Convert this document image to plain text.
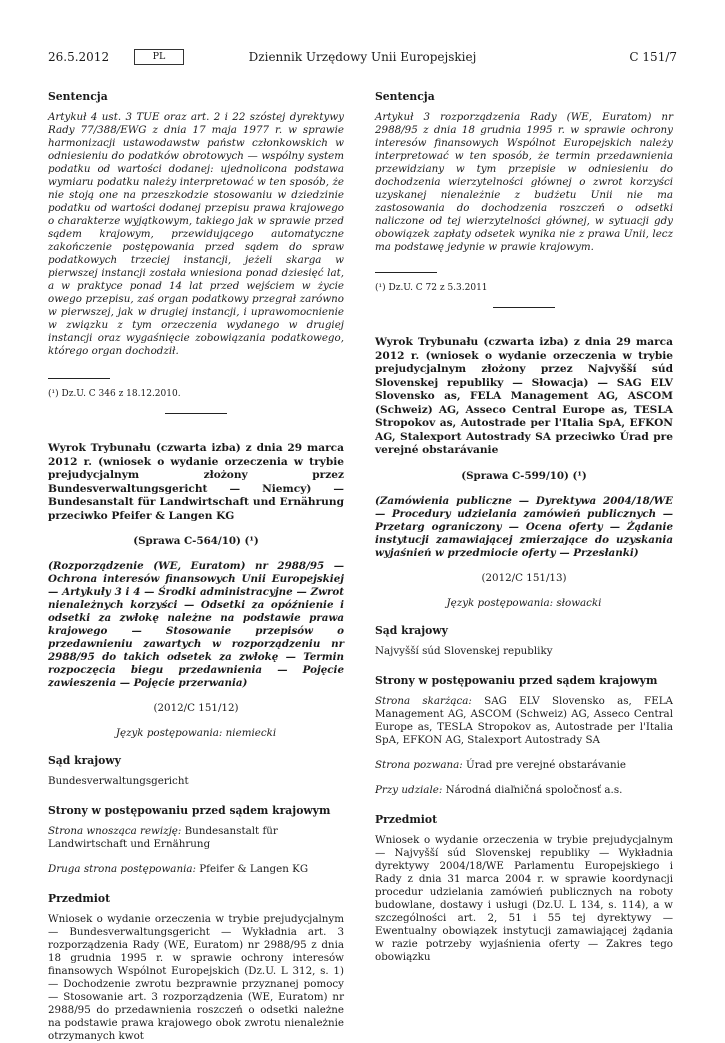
26.5.2012	PL	Dziennik Urzędowy Unii Europejskiej	C 151/7

Sentencja

Artykuł 4 ust. 3 TUE oraz art. 2 i 22 szóstej dyrektywy Rady 77/388/EWG z dnia 17 maja 1977 r. w sprawie harmonizacji ustawodawstw państw członkowskich w odniesieniu do podatków obrotowych — wspólny system podatku od wartości dodanej: ujednolicona podstawa wymiaru podatku należy interpretować w ten sposób, że nie stoją one na przeszkodzie stosowaniu w dziedzinie podatku od wartości dodanej przepisu prawa krajowego o charakterze wyjątkowym, takiego jak w sprawie przed sądem krajowym, przewidującego automatyczne zakończenie postępowania przed sądem do spraw podatkowych trzeciej instancji, jeżeli skarga w pierwszej instancji została wniesiona ponad dziesięć lat, a w praktyce ponad 14 lat przed wejściem w życie owego przepisu, zaś organ podatkowy przegrał zarówno w pierwszej, jak w drugiej instancji, i uprawomocnienie w związku z tym orzeczenia wydanego w drugiej instancji oraz wygaśnięcie zobowiązania podatkowego, którego organ dochodził.

(¹) Dz.U. C 346 z 18.12.2010.

Wyrok Trybunału (czwarta izba) z dnia 29 marca 2012 r. (wniosek o wydanie orzeczenia w trybie prejudycjalnym złożony przez Bundesverwaltungsgericht — Niemcy) — Bundesanstalt für Landwirtschaft und Ernährung przeciwko Pfeifer & Langen KG

(Sprawa C-564/10) (¹)

(Rozporządzenie (WE, Euratom) nr 2988/95 — Ochrona interesów finansowych Unii Europejskiej — Artykuły 3 i 4 — Środki administracyjne — Zwrot nienależnych korzyści — Odsetki za opóźnienie i odsetki za zwłokę należne na podstawie prawa krajowego — Stosowanie przepisów o przedawnieniu zawartych w rozporządzeniu nr 2988/95 do takich odsetek za zwłokę — Termin rozpoczęcia biegu przedawnienia — Pojęcie zawieszenia — Pojęcie przerwania)

(2012/C 151/12)

Język postępowania: niemiecki

Sąd krajowy

Bundesverwaltungsgericht

Strony w postępowaniu przed sądem krajowym

Strona wnosząca rewizję: Bundesanstalt für Landwirtschaft und Ernährung

Druga strona postępowania: Pfeifer & Langen KG

Przedmiot

Wniosek o wydanie orzeczenia w trybie prejudycjalnym — Bundesverwaltungsgericht — Wykładnia art. 3 rozporządzenia Rady (WE, Euratom) nr 2988/95 z dnia 18 grudnia 1995 r. w sprawie ochrony interesów finansowych Wspólnot Europejskich (Dz.U. L 312, s. 1) — Dochodzenie zwrotu bezprawnie przyznanej pomocy — Stosowanie art. 3 rozporządzenia (WE, Euratom) nr 2988/95 do przedawnienia roszczeń o odsetki należne na podstawie prawa krajowego obok zwrotu nienależnie otrzymanych kwot

Sentencja

Artykuł 3 rozporządzenia Rady (WE, Euratom) nr 2988/95 z dnia 18 grudnia 1995 r. w sprawie ochrony interesów finansowych Wspólnot Europejskich należy interpretować w ten sposób, że termin przedawnienia przewidziany w tym przepisie w odniesieniu do dochodzenia wierzytelności głównej o zwrot korzyści uzyskanej nienależnie z budżetu Unii nie ma zastosowania do dochodzenia roszczeń o odsetki naliczone od tej wierzytelności głównej, w sytuacji gdy obowiązek zapłaty odsetek wynika nie z prawa Unii, lecz ma podstawę jedynie w prawie krajowym.

(¹) Dz.U. C 72 z 5.3.2011

Wyrok Trybunału (czwarta izba) z dnia 29 marca 2012 r. (wniosek o wydanie orzeczenia w trybie prejudycjalnym złożony przez Najvyšší súd Slovenskej republiky — Słowacja) — SAG ELV Slovensko as, FELA Management AG, ASCOM (Schweiz) AG, Asseco Central Europe as, TESLA Stropokov as, Autostrade per l'Italia SpA, EFKON AG, Stalexport Autostrady SA przeciwko Úrad pre verejné obstarávanie

(Sprawa C-599/10) (¹)

(Zamówienia publiczne — Dyrektywa 2004/18/WE — Procedury udzielania zamówień publicznych — Przetarg ograniczony — Ocena oferty — Żądanie instytucji zamawiającej zmierzające do uzyskania wyjaśnień w przedmiocie oferty — Przesłanki)

(2012/C 151/13)

Język postępowania: słowacki

Sąd krajowy

Najvyšší súd Slovenskej republiky

Strony w postępowaniu przed sądem krajowym

Strona skarżąca: SAG ELV Slovensko as, FELA Management AG, ASCOM (Schweiz) AG, Asseco Central Europe as, TESLA Stropokov as, Autostrade per l'Italia SpA, EFKON AG, Stalexport Autostrady SA

Strona pozwana: Úrad pre verejné obstarávanie

Przy udziale: Národná diaľničná spoločnosť a.s.

Przedmiot

Wniosek o wydanie orzeczenia w trybie prejudycjalnym — Najvyšší súd Slovenskej republiky — Wykładnia dyrektywy 2004/18/WE Parlamentu Europejskiego i Rady z dnia 31 marca 2004 r. w sprawie koordynacji procedur udzielania zamówień publicznych na roboty budowlane, dostawy i usługi (Dz.U. L 134, s. 114), a w szczególności art. 2, 51 i 55 tej dyrektywy — Ewentualny obowiązek instytucji zamawiającej żądania w razie potrzeby wyjaśnienia oferty — Zakres tego obowiązku
